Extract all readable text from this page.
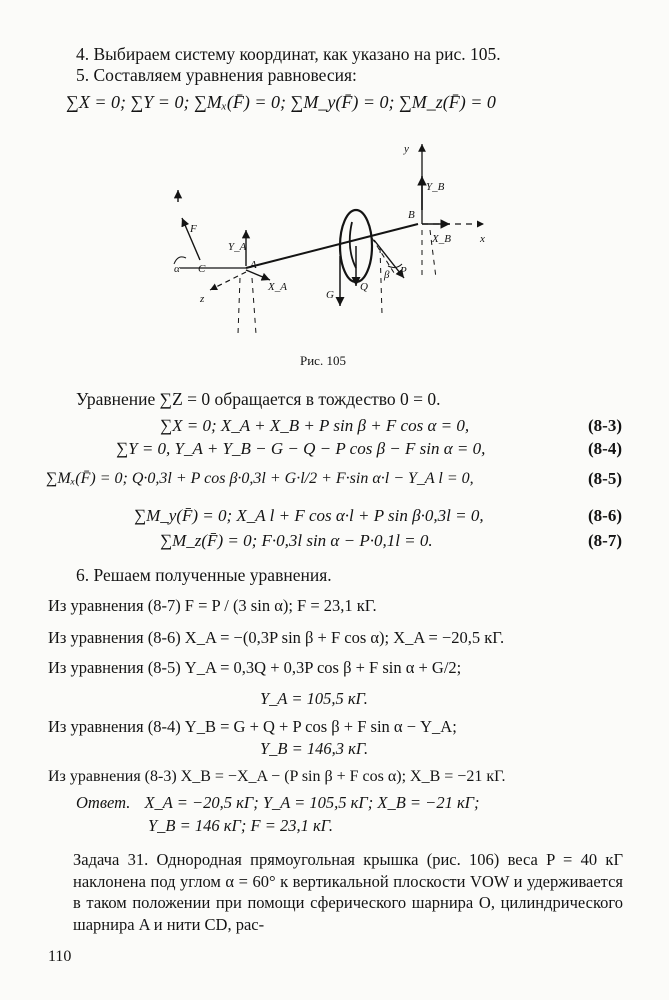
4. Выбираем систему координат, как указано на рис. 105.
5. Составляем уравнения равновесия:
∑X = 0; ∑Y = 0; ∑Mₓ(F̄) = 0; ∑M_y(F̄) = 0; ∑M_z(F̄) = 0
y
Y_B
B
X_B	x
F
α C
Y_A
A
X_A
z	G
Q
P
β
Рис. 105
Уравнение ∑Z = 0 обращается в тождество 0 = 0.
∑X = 0; X_A + X_B + P sin β + F cos α = 0,	(8-3)
∑Y = 0, Y_A + Y_B − G − Q − P cos β − F sin α = 0,	(8-4)
∑Mₓ(F̄) = 0; Q·0,3l + P cos β·0,3l + G·l/2 + F·sin α·l − Y_A l = 0,	(8-5)
∑M_y(F̄) = 0; X_A l + F cos α·l + P sin β·0,3l = 0,	(8-6)
∑M_z(F̄) = 0; F·0,3l sin α − P·0,1l = 0.	(8-7)
6. Решаем полученные уравнения.
Из уравнения (8-7) F = P / (3 sin α); F = 23,1 кГ.
Из уравнения (8-6) X_A = −(0,3P sin β + F cos α); X_A = −20,5 кГ.
Из уравнения (8-5) Y_A = 0,3Q + 0,3P cos β + F sin α + G/2;
Y_A = 105,5 кГ.
Из уравнения (8-4) Y_B = G + Q + P cos β + F sin α − Y_A;
Y_B = 146,3 кГ.
Из уравнения (8-3) X_B = −X_A − (P sin β + F cos α); X_B = −21 кГ.
Ответ. X_A = −20,5 кГ; Y_A = 105,5 кГ; X_B = −21 кГ;
Y_B = 146 кГ; F = 23,1 кГ.
Задача 31. Однородная прямоугольная крышка (рис. 106) веса P = 40 кГ наклонена под углом α = 60° к вертикальной плоскости VOW и удерживается в таком положении при помощи сферического шарнира O, цилиндрического шарнира A и нити CD, рас-
110
